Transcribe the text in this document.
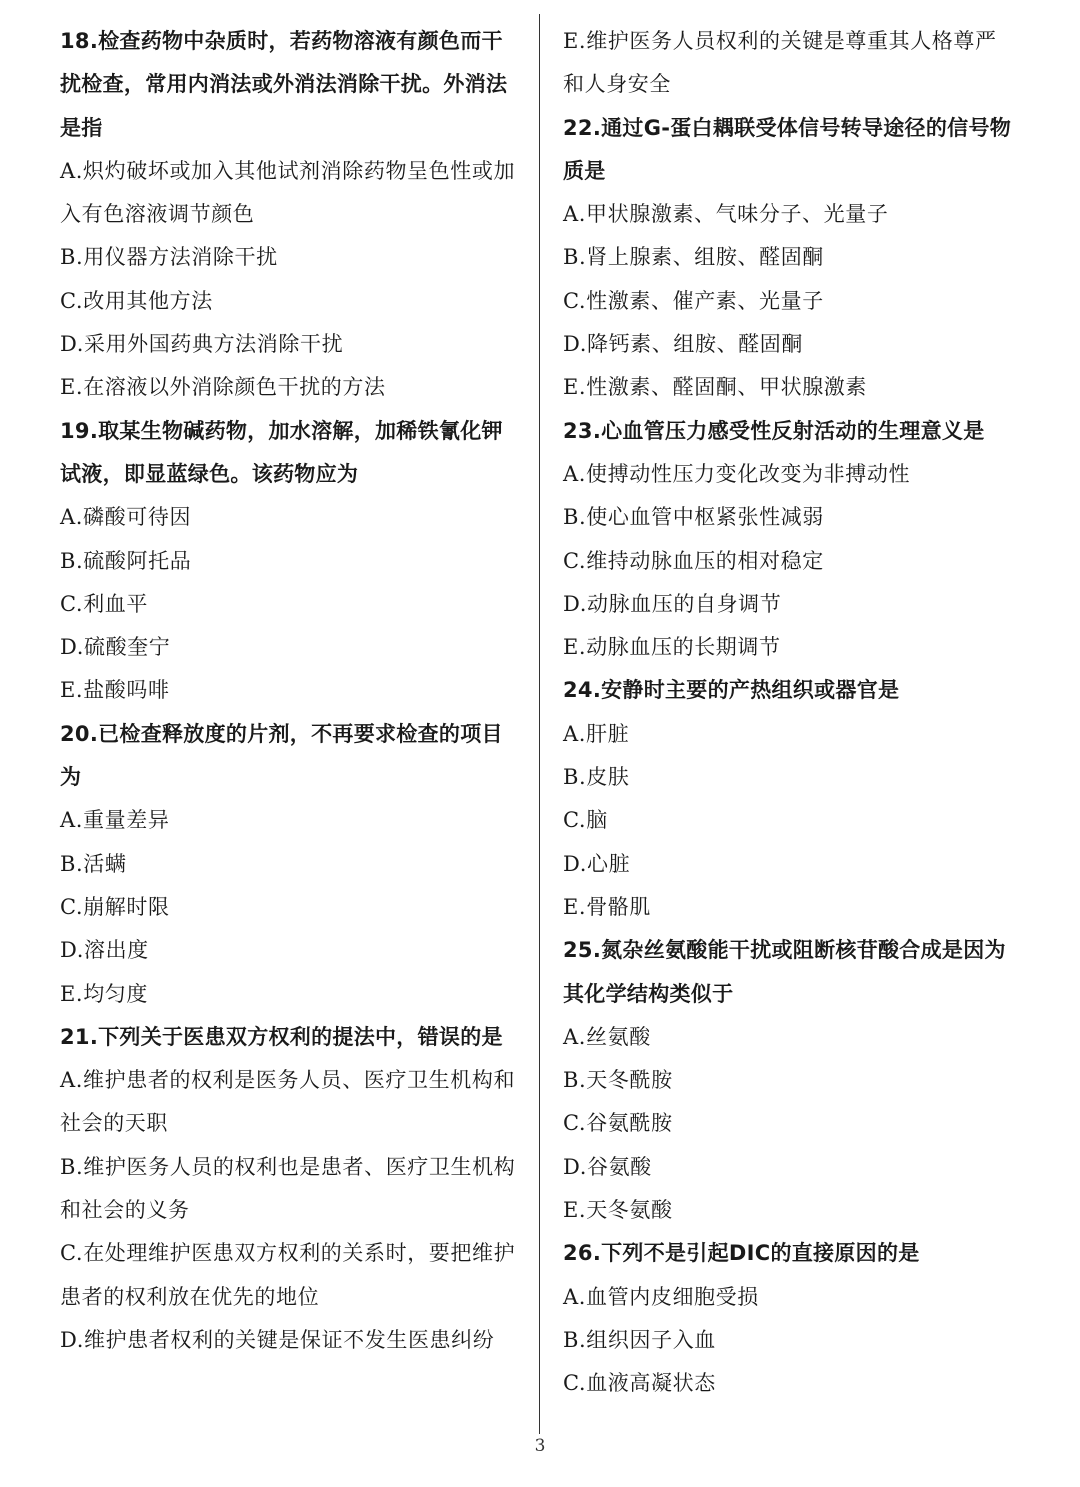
18.检查药物中杂质时，若药物溶液有颜色而干扰检查，常用内消法或外消法消除干扰。外消法是指

A.炽灼破坏或加入其他试剂消除药物呈色性或加入有色溶液调节颜色

B.用仪器方法消除干扰

C.改用其他方法

D.采用外国药典方法消除干扰

E.在溶液以外消除颜色干扰的方法

19.取某生物碱药物，加水溶解，加稀铁氰化钾试液，即显蓝绿色。该药物应为

A.磷酸可待因

B.硫酸阿托品

C.利血平

D.硫酸奎宁

E.盐酸吗啡

20.已检查释放度的片剂，不再要求检查的项目为

A.重量差异

B.活螨

C.崩解时限

D.溶出度

E.均匀度

21.下列关于医患双方权利的提法中，错误的是

A.维护患者的权利是医务人员、医疗卫生机构和社会的天职

B.维护医务人员的权利也是患者、医疗卫生机构和社会的义务

C.在处理维护医患双方权利的关系时，要把维护患者的权利放在优先的地位

D.维护患者权利的关键是保证不发生医患纠纷

E.维护医务人员权利的关键是尊重其人格尊严和人身安全

22.通过G-蛋白耦联受体信号转导途径的信号物质是

A.甲状腺激素、气味分子、光量子

B.肾上腺素、组胺、醛固酮

C.性激素、催产素、光量子

D.降钙素、组胺、醛固酮

E.性激素、醛固酮、甲状腺激素

23.心血管压力感受性反射活动的生理意义是

A.使搏动性压力变化改变为非搏动性

B.使心血管中枢紧张性减弱

C.维持动脉血压的相对稳定

D.动脉血压的自身调节

E.动脉血压的长期调节

24.安静时主要的产热组织或器官是

A.肝脏

B.皮肤

C.脑

D.心脏

E.骨骼肌

25.氮杂丝氨酸能干扰或阻断核苷酸合成是因为其化学结构类似于

A.丝氨酸

B.天冬酰胺

C.谷氨酰胺

D.谷氨酸

E.天冬氨酸

26.下列不是引起DIC的直接原因的是

A.血管内皮细胞受损

B.组织因子入血

C.血液高凝状态

3
